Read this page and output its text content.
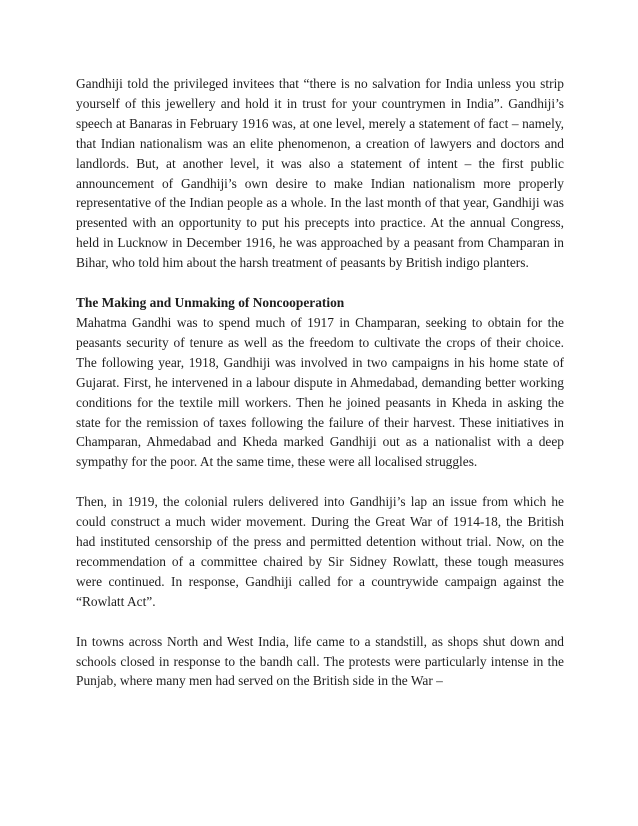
Gandhiji told the privileged invitees that “there is no salvation for India unless you strip yourself of this jewellery and hold it in trust for your countrymen in India”. Gandhiji’s speech at Banaras in February 1916 was, at one level, merely a statement of fact – namely, that Indian nationalism was an elite phenomenon, a creation of lawyers and doctors and landlords. But, at another level, it was also a statement of intent – the first public announcement of Gandhiji’s own desire to make Indian nationalism more properly representative of the Indian people as a whole. In the last month of that year, Gandhiji was presented with an opportunity to put his precepts into practice. At the annual Congress, held in Lucknow in December 1916, he was approached by a peasant from Champaran in Bihar, who told him about the harsh treatment of peasants by British indigo planters.

The Making and Unmaking of Noncooperation

Mahatma Gandhi was to spend much of 1917 in Champaran, seeking to obtain for the peasants security of tenure as well as the freedom to cultivate the crops of their choice. The following year, 1918, Gandhiji was involved in two campaigns in his home state of Gujarat. First, he intervened in a labour dispute in Ahmedabad, demanding better working conditions for the textile mill workers. Then he joined peasants in Kheda in asking the state for the remission of taxes following the failure of their harvest. These initiatives in Champaran, Ahmedabad and Kheda marked Gandhiji out as a nationalist with a deep sympathy for the poor. At the same time, these were all localised struggles.

Then, in 1919, the colonial rulers delivered into Gandhiji’s lap an issue from which he could construct a much wider movement. During the Great War of 1914-18, the British had instituted censorship of the press and permitted detention without trial. Now, on the recommendation of a committee chaired by Sir Sidney Rowlatt, these tough measures were continued. In response, Gandhiji called for a countrywide campaign against the “Rowlatt Act”.

In towns across North and West India, life came to a standstill, as shops shut down and schools closed in response to the bandh call. The protests were particularly intense in the Punjab, where many men had served on the British side in the War –
